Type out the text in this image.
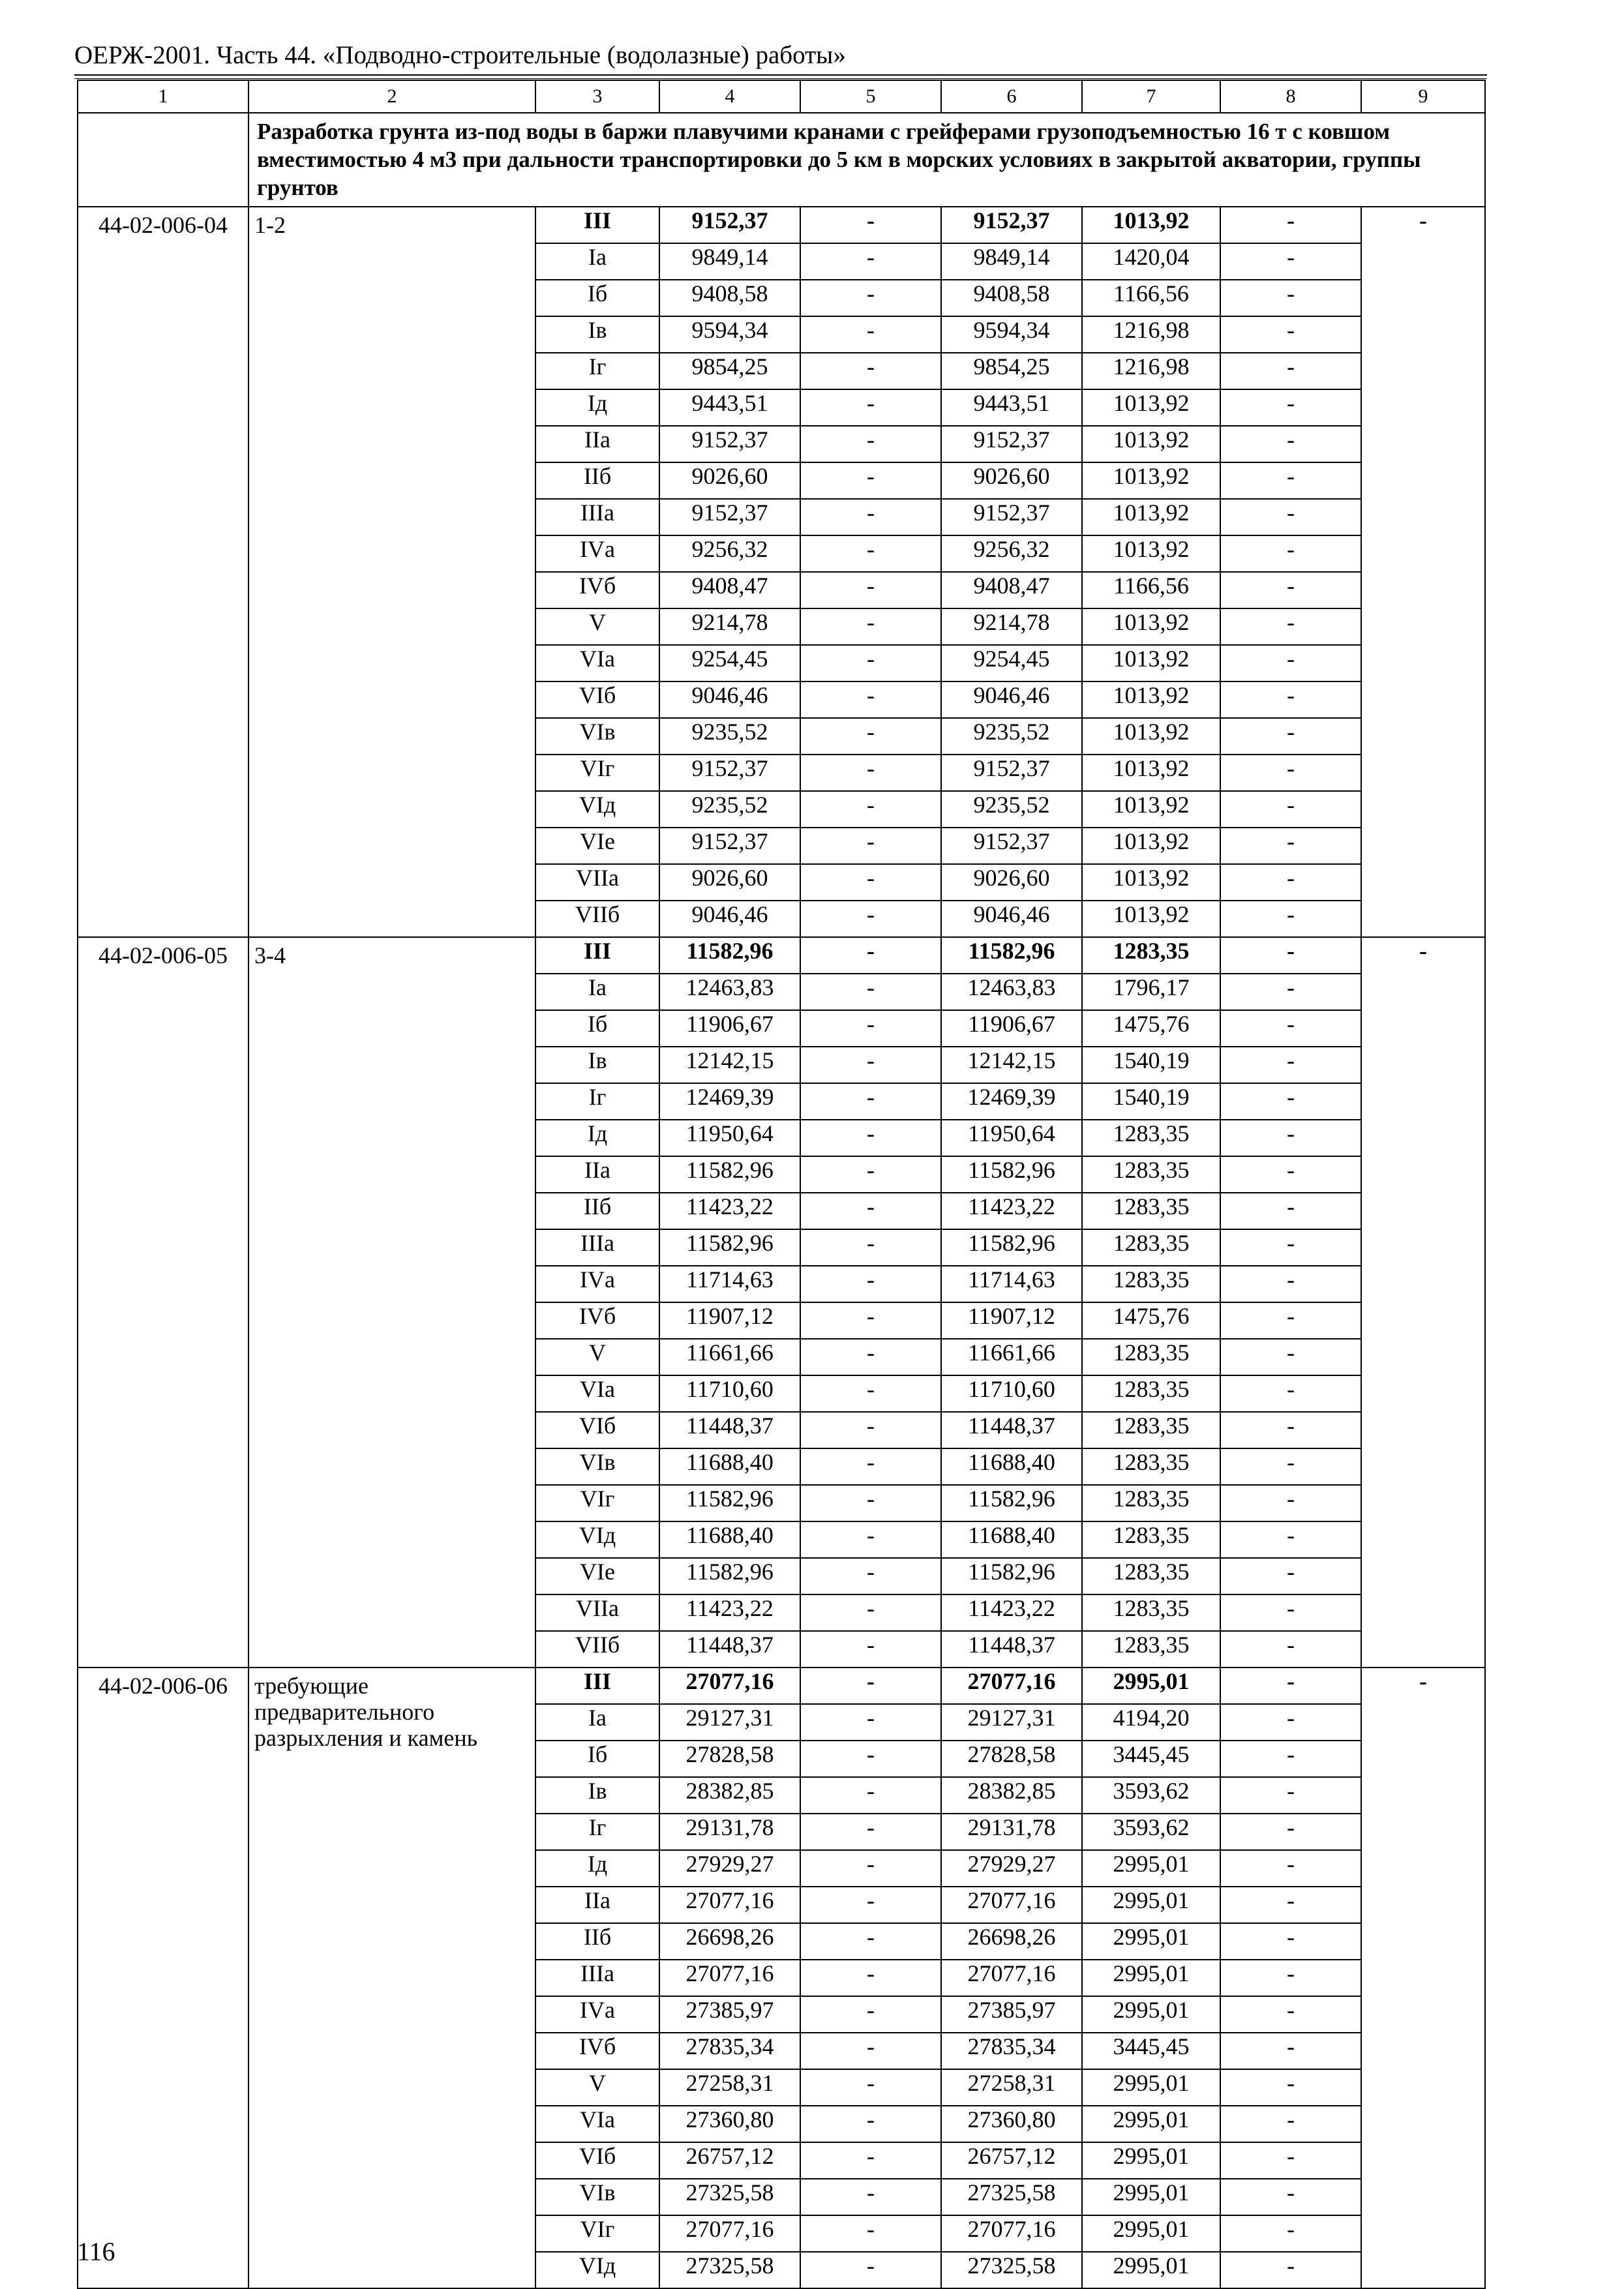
ОЕРЖ-2001. Часть 44. «Подводно-строительные (водолазные) работы»
1	2	3	4	5	6	7	8	9

	Разработка грунта из-под воды в баржи плавучими кранами с грейферами грузоподъемностью 16 т с ковшом вместимостью 4 м3 при дальности транспортировки до 5 км в морских условиях в закрытой акватории, группы грунтов							

44-02-006-04	1-2	III	9152,37	-	9152,37	1013,92	-	-
		Iа	9849,14	-	9849,14	1420,04	-	
		Iб	9408,58	-	9408,58	1166,56	-	
		Iв	9594,34	-	9594,34	1216,98	-	
		Iг	9854,25	-	9854,25	1216,98	-	
		Iд	9443,51	-	9443,51	1013,92	-	
		IIа	9152,37	-	9152,37	1013,92	-	
		IIб	9026,60	-	9026,60	1013,92	-	
		IIIа	9152,37	-	9152,37	1013,92	-	
		IVа	9256,32	-	9256,32	1013,92	-	
		IVб	9408,47	-	9408,47	1166,56	-	
		V	9214,78	-	9214,78	1013,92	-	
		VIа	9254,45	-	9254,45	1013,92	-	
		VIб	9046,46	-	9046,46	1013,92	-	
		VIв	9235,52	-	9235,52	1013,92	-	
		VIг	9152,37	-	9152,37	1013,92	-	
		VIд	9235,52	-	9235,52	1013,92	-	
		VIе	9152,37	-	9152,37	1013,92	-	
		VIIа	9026,60	-	9026,60	1013,92	-	
		VIIб	9046,46	-	9046,46	1013,92	-	
44-02-006-05	3-4	III	11582,96	-	11582,96	1283,35	-	-
		Iа	12463,83	-	12463,83	1796,17	-	
		Iб	11906,67	-	11906,67	1475,76	-	
		Iв	12142,15	-	12142,15	1540,19	-	
		Iг	12469,39	-	12469,39	1540,19	-	
		Iд	11950,64	-	11950,64	1283,35	-	
		IIа	11582,96	-	11582,96	1283,35	-	
		IIб	11423,22	-	11423,22	1283,35	-	
		IIIа	11582,96	-	11582,96	1283,35	-	
		IVа	11714,63	-	11714,63	1283,35	-	
		IVб	11907,12	-	11907,12	1475,76	-	
		V	11661,66	-	11661,66	1283,35	-	
		VIа	11710,60	-	11710,60	1283,35	-	
		VIб	11448,37	-	11448,37	1283,35	-	
		VIв	11688,40	-	11688,40	1283,35	-	
		VIг	11582,96	-	11582,96	1283,35	-	
		VIд	11688,40	-	11688,40	1283,35	-	
		VIе	11582,96	-	11582,96	1283,35	-	
		VIIа	11423,22	-	11423,22	1283,35	-	
		VIIб	11448,37	-	11448,37	1283,35	-	
44-02-006-06	требующие предварительного разрыхления и камень	III	27077,16	-	27077,16	2995,01	-	-
		Iа	29127,31	-	29127,31	4194,20	-	
		Iб	27828,58	-	27828,58	3445,45	-	
		Iв	28382,85	-	28382,85	3593,62	-	
		Iг	29131,78	-	29131,78	3593,62	-	
		Iд	27929,27	-	27929,27	2995,01	-	
		IIа	27077,16	-	27077,16	2995,01	-	
		IIб	26698,26	-	26698,26	2995,01	-	
		IIIа	27077,16	-	27077,16	2995,01	-	
		IVа	27385,97	-	27385,97	2995,01	-	
		IVб	27835,34	-	27835,34	3445,45	-	
		V	27258,31	-	27258,31	2995,01	-	
		VIа	27360,80	-	27360,80	2995,01	-	
		VIб	26757,12	-	26757,12	2995,01	-	
		VIв	27325,58	-	27325,58	2995,01	-	
		VIг	27077,16	-	27077,16	2995,01	-	
		VIд	27325,58	-	27325,58	2995,01	-	
116
